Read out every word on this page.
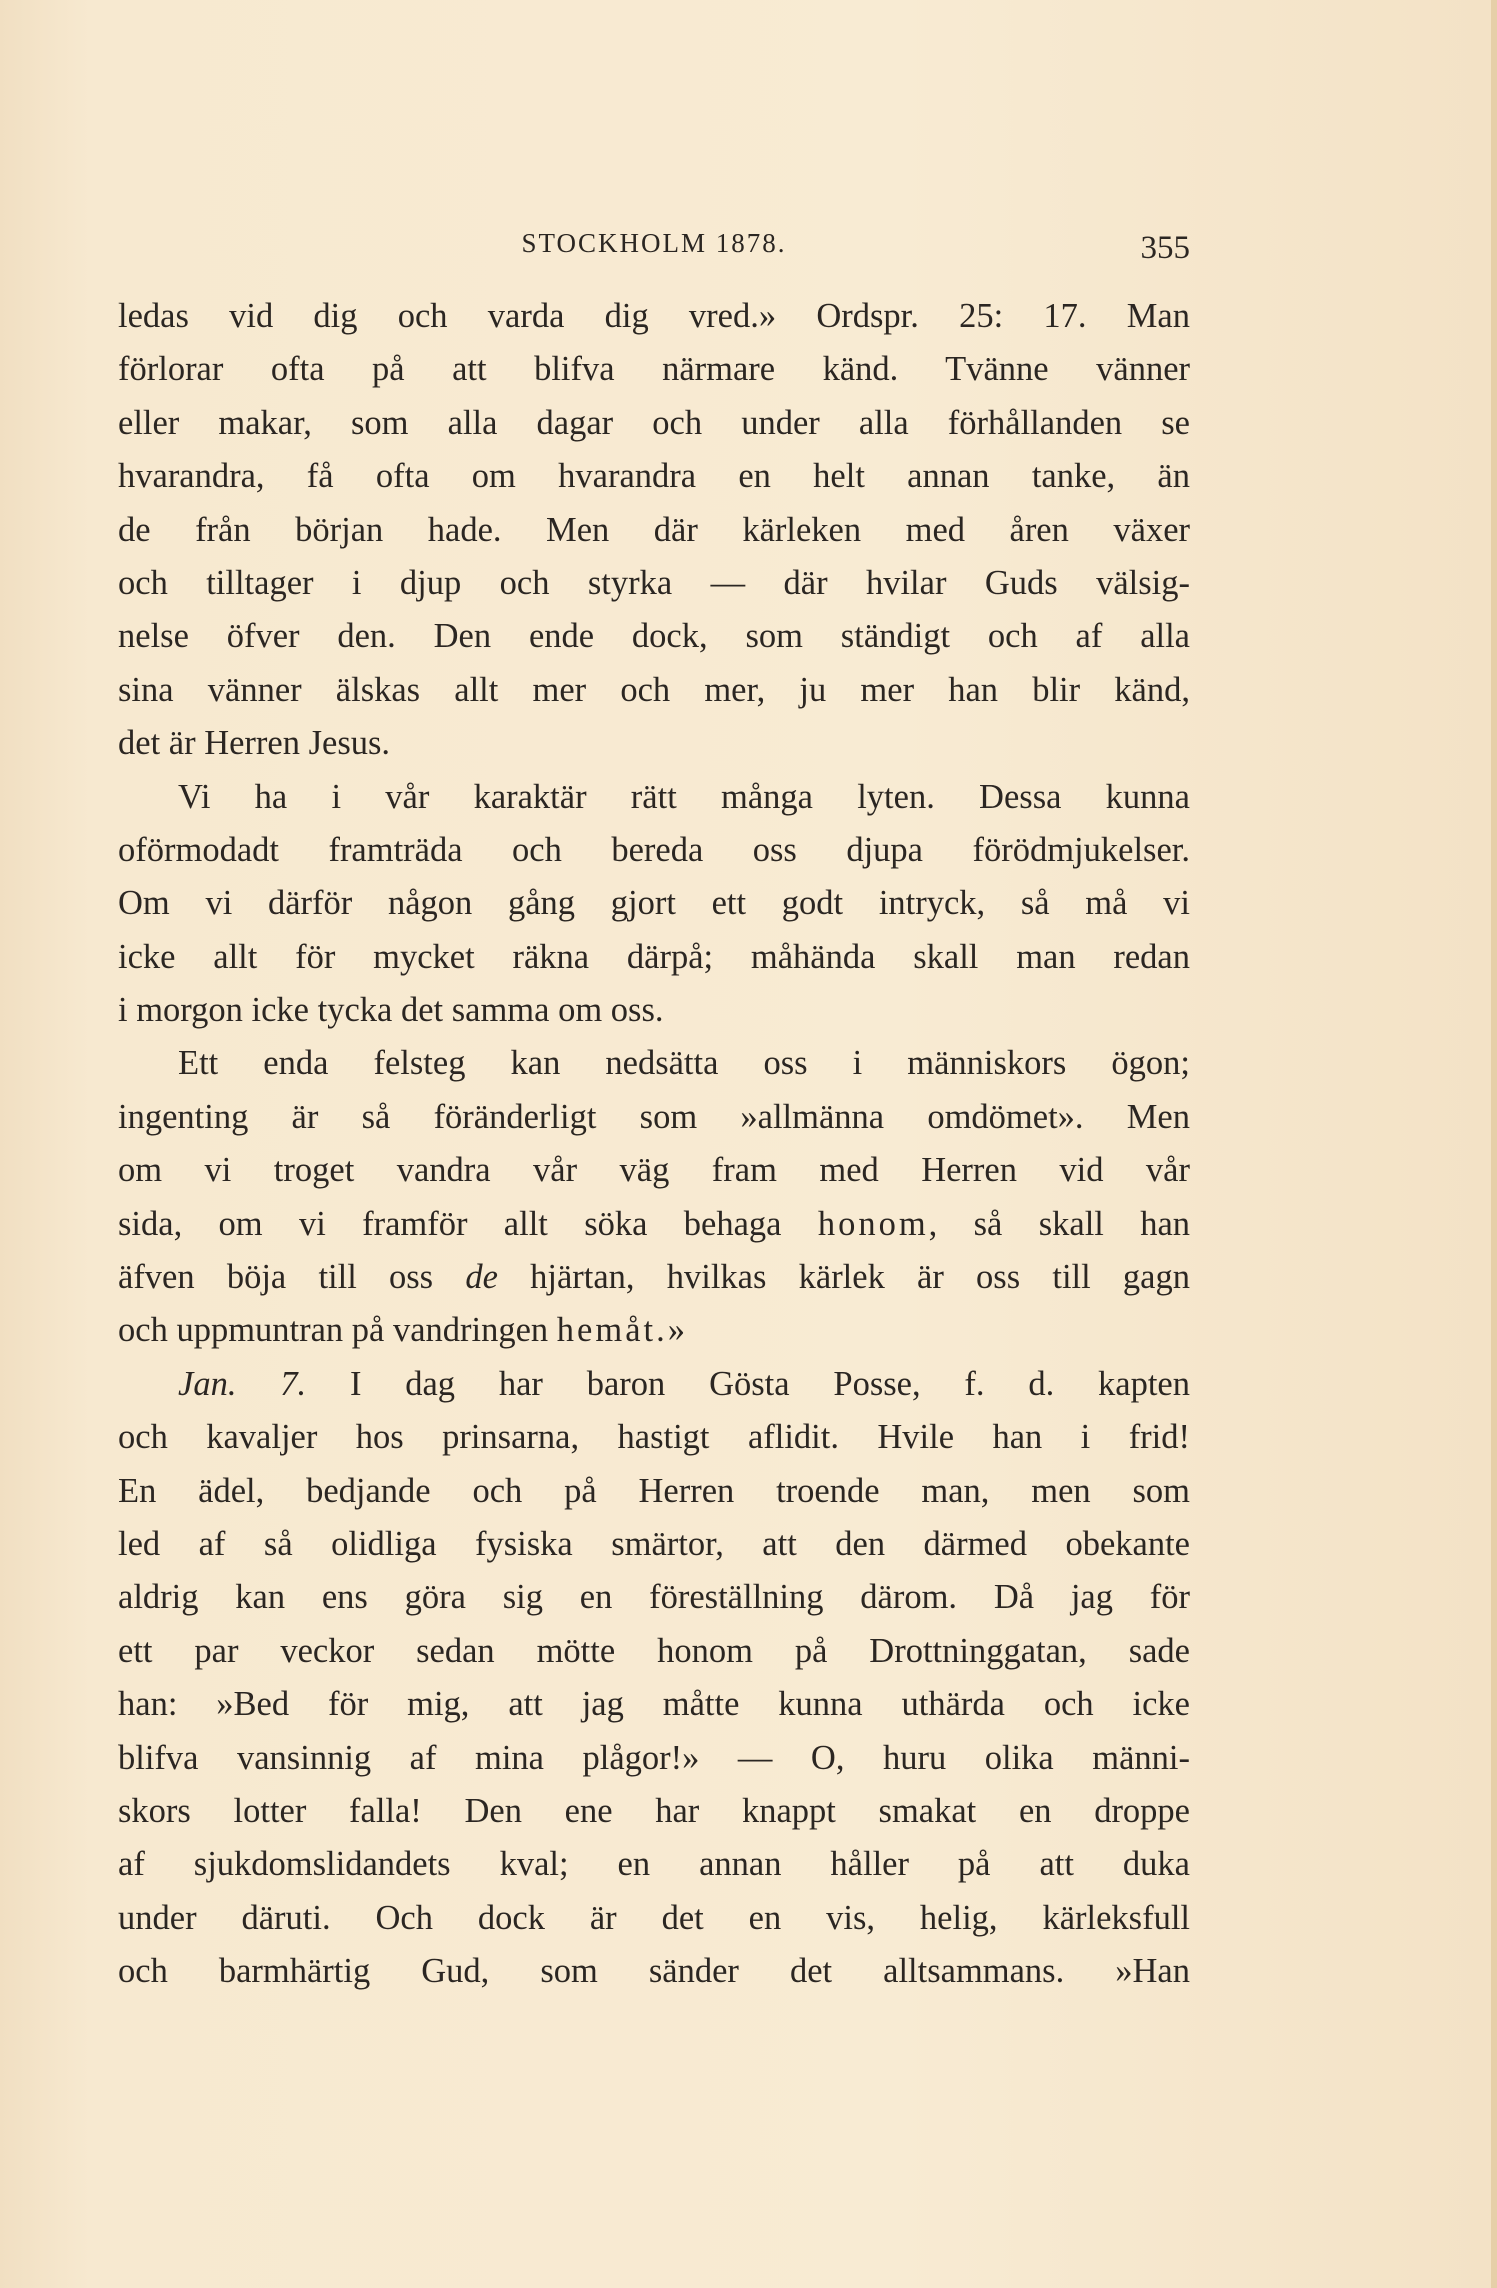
STOCKHOLM 1878.	355
ledas vid dig och varda dig vred.» Ordspr. 25: 17. Man
förlorar ofta på att blifva närmare känd. Tvänne vänner
eller makar, som alla dagar och under alla förhållanden se
hvarandra, få ofta om hvarandra en helt annan tanke, än
de från början hade. Men där kärleken med åren växer
och tilltager i djup och styrka — där hvilar Guds välsig-
nelse öfver den. Den ende dock, som ständigt och af alla
sina vänner älskas allt mer och mer, ju mer han blir känd,
det är Herren Jesus.
Vi ha i vår karaktär rätt många lyten. Dessa kunna
oförmodadt framträda och bereda oss djupa förödmjukelser.
Om vi därför någon gång gjort ett godt intryck, så må vi
icke allt för mycket räkna därpå; måhända skall man redan
i morgon icke tycka det samma om oss.
Ett enda felsteg kan nedsätta oss i människors ögon;
ingenting är så föränderligt som »allmänna omdömet». Men
om vi troget vandra vår väg fram med Herren vid vår
sida, om vi framför allt söka behaga honom, så skall han
äfven böja till oss de hjärtan, hvilkas kärlek är oss till gagn
och uppmuntran på vandringen hemåt.»
Jan. 7. I dag har baron Gösta Posse, f. d. kapten
och kavaljer hos prinsarna, hastigt aflidit. Hvile han i frid!
En ädel, bedjande och på Herren troende man, men som
led af så olidliga fysiska smärtor, att den därmed obekante
aldrig kan ens göra sig en föreställning därom. Då jag för
ett par veckor sedan mötte honom på Drottninggatan, sade
han: »Bed för mig, att jag måtte kunna uthärda och icke
blifva vansinnig af mina plågor!» — O, huru olika männi-
skors lotter falla! Den ene har knappt smakat en droppe
af sjukdomslidandets kval; en annan håller på att duka
under däruti. Och dock är det en vis, helig, kärleksfull
och barmhärtig Gud, som sänder det alltsammans. »Han
